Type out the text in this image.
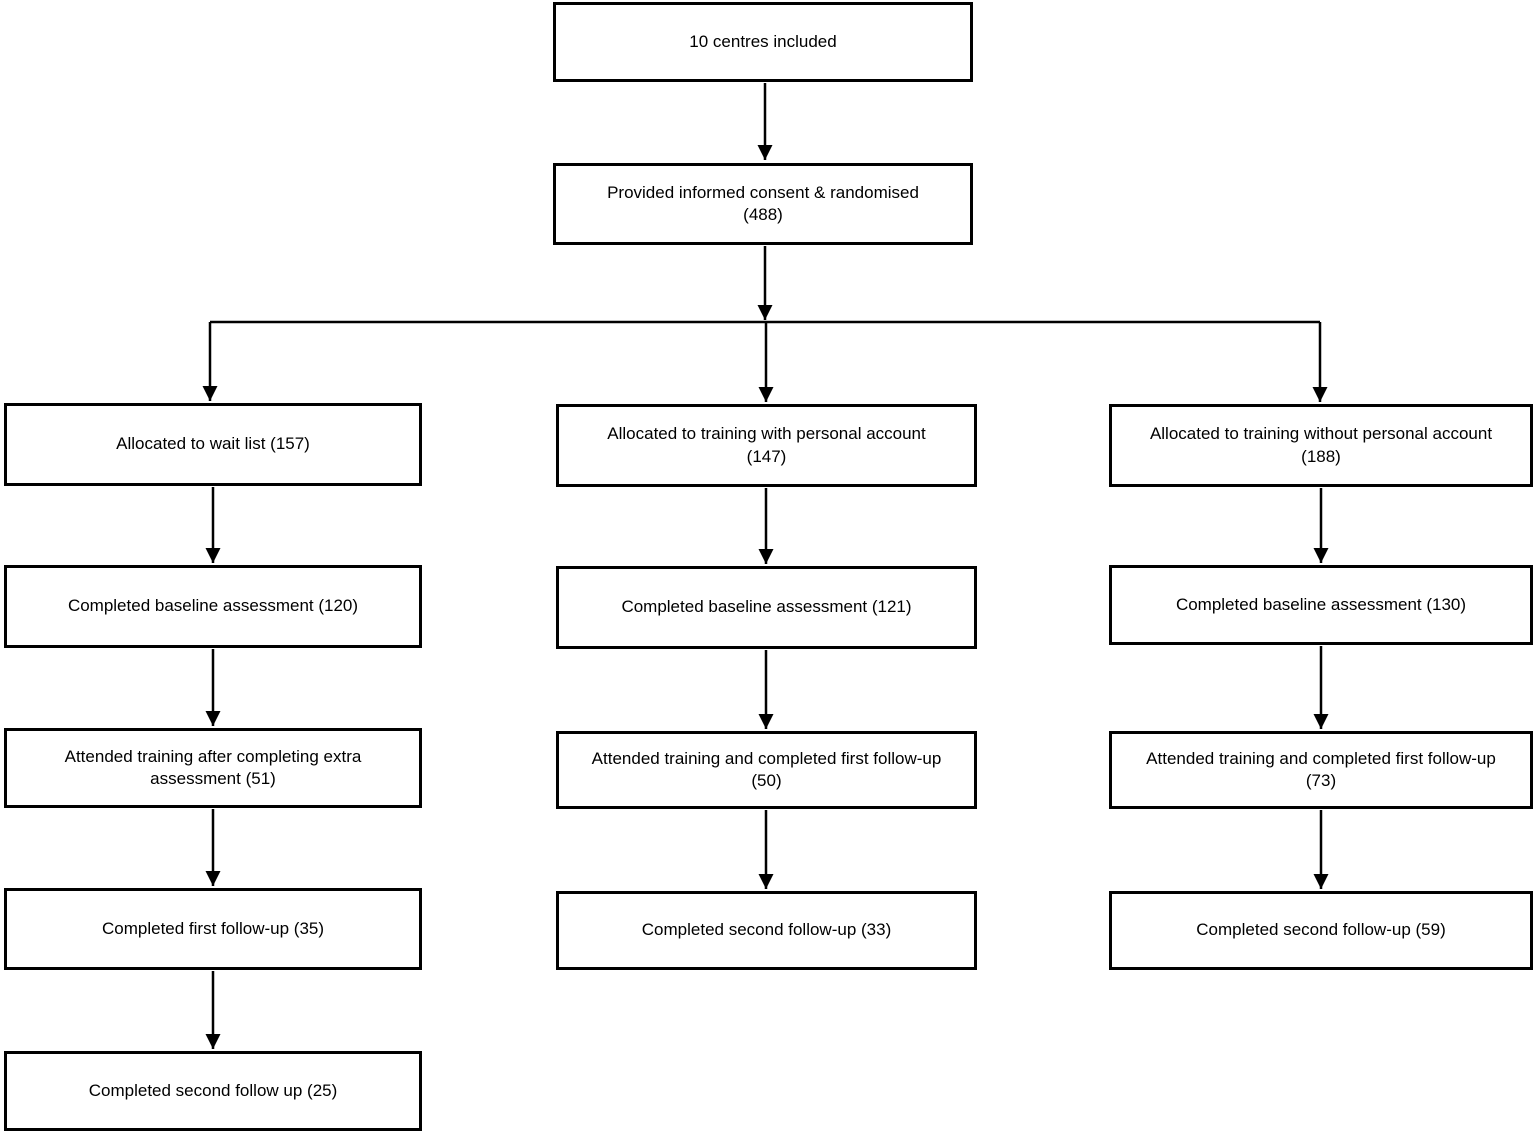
10 centres included
Provided informed consent & randomised (488)
Allocated to wait list (157)
Completed baseline assessment (120)
Attended training after completing extra assessment (51)
Completed first follow-up (35)
Completed second follow up (25)
Allocated to training with personal account (147)
Completed baseline assessment (121)
Attended training and completed first follow-up (50)
Completed second follow-up (33)
Allocated to training without personal account (188)
Completed baseline assessment (130)
Attended training and completed first follow-up (73)
Completed second follow-up (59)
